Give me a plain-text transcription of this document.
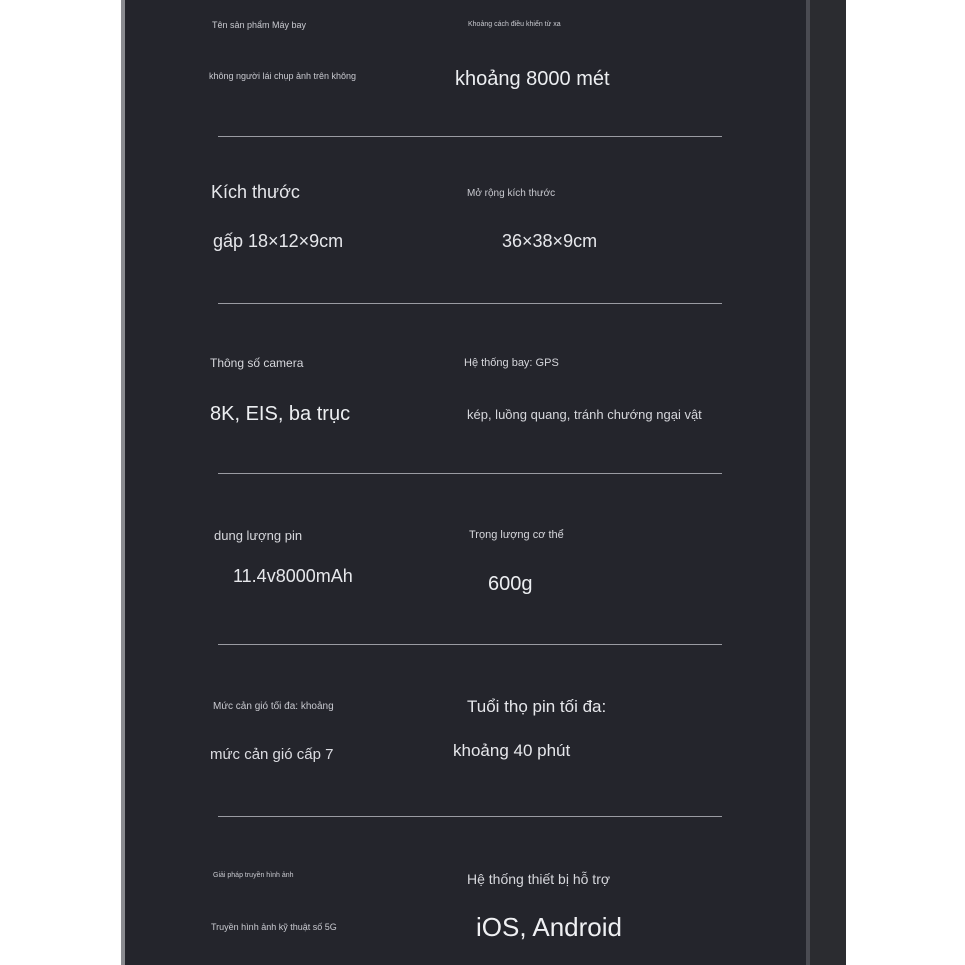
Tên sản phẩm Máy bay
không người lái chụp ảnh trên không
Khoảng cách điều khiển từ xa
khoảng 8000 mét
Kích thước
gấp 18×12×9cm
Mở rộng kích thước
36×38×9cm
Thông số camera
8K, EIS, ba trục
Hệ thống bay: GPS
kép, luồng quang, tránh chướng ngại vật
dung lượng pin
11.4v8000mAh
Trọng lượng cơ thể
600g
Mức cản gió tối đa: khoảng
mức cản gió cấp 7
Tuổi thọ pin tối đa:
khoảng 40 phút
Giải pháp truyền hình ảnh
Truyền hình ảnh kỹ thuật số 5G
Hệ thống thiết bị hỗ trợ
iOS, Android
